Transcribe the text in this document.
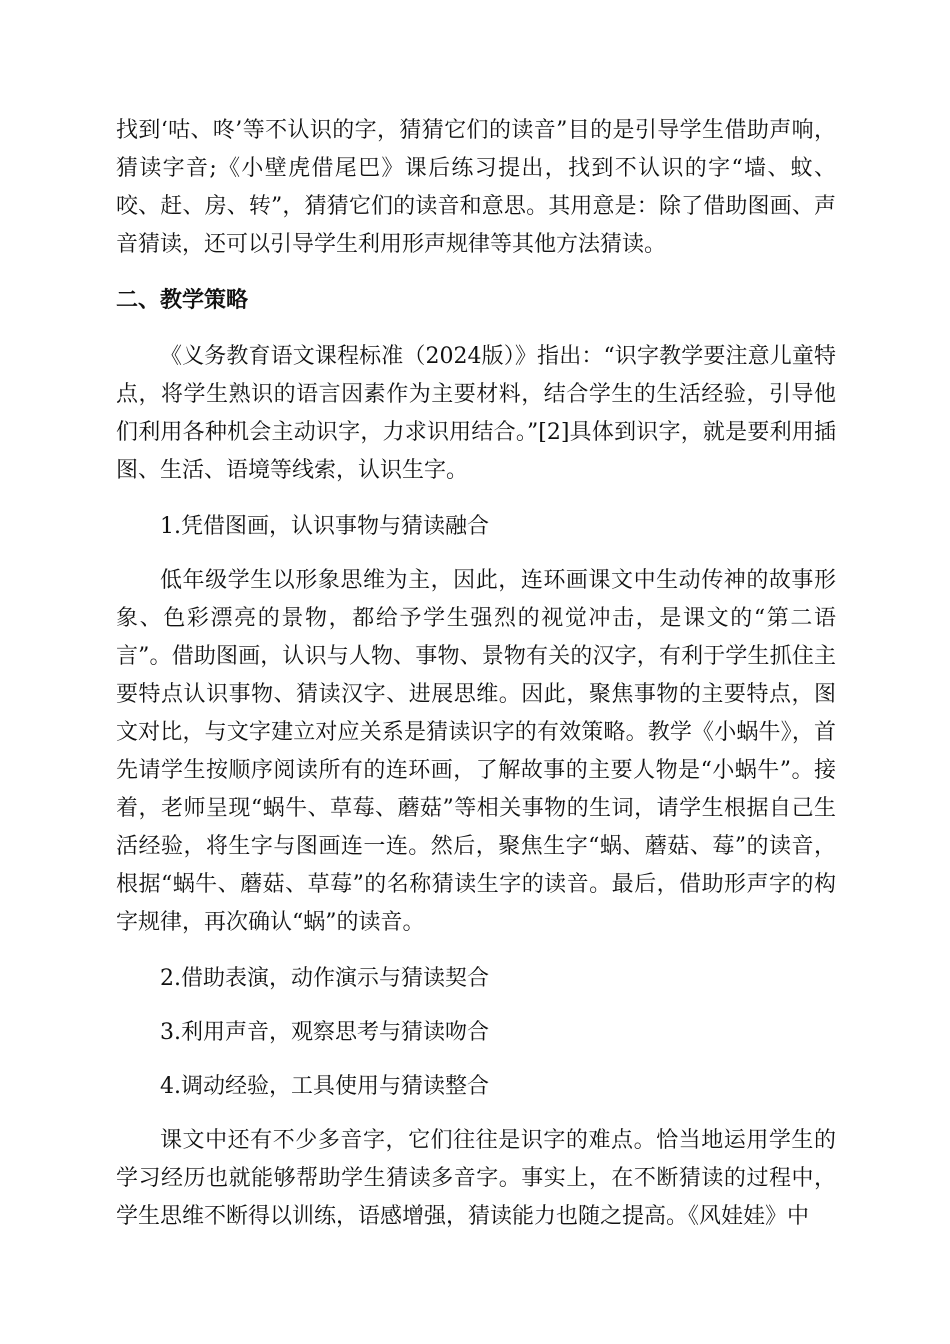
找到‘咕、咚’等不认识的字，猜猜它们的读音”目的是引导学生借助声响，猜读字音;《小壁虎借尾巴》课后练习提出，找到不认识的字“墙、蚊、咬、赶、房、转”，猜猜它们的读音和意思。其用意是：除了借助图画、声音猜读，还可以引导学生利用形声规律等其他方法猜读。

二、教学策略

《义务教育语文课程标准（2024版）》指出：“识字教学要注意儿童特点，将学生熟识的语言因素作为主要材料，结合学生的生活经验，引导他们利用各种机会主动识字，力求识用结合。”[2]具体到识字，就是要利用插图、生活、语境等线索，认识生字。

1.凭借图画，认识事物与猜读融合

低年级学生以形象思维为主，因此，连环画课文中生动传神的故事形象、色彩漂亮的景物，都给予学生强烈的视觉冲击，是课文的“第二语言”。借助图画，认识与人物、事物、景物有关的汉字，有利于学生抓住主要特点认识事物、猜读汉字、进展思维。因此，聚焦事物的主要特点，图文对比，与文字建立对应关系是猜读识字的有效策略。教学《小蜗牛》，首先请学生按顺序阅读所有的连环画，了解故事的主要人物是“小蜗牛”。接着，老师呈现“蜗牛、草莓、蘑菇”等相关事物的生词，请学生根据自己生活经验，将生字与图画连一连。然后，聚焦生字“蜗、蘑菇、莓”的读音，根据“蜗牛、蘑菇、草莓”的名称猜读生字的读音。最后，借助形声字的构字规律，再次确认“蜗”的读音。

2.借助表演，动作演示与猜读契合

3.利用声音，观察思考与猜读吻合

4.调动经验，工具使用与猜读整合

课文中还有不少多音字，它们往往是识字的难点。恰当地运用学生的学习经历也就能够帮助学生猜读多音字。事实上，在不断猜读的过程中，学生思维不断得以训练，语感增强，猜读能力也随之提高。《风娃娃》中
